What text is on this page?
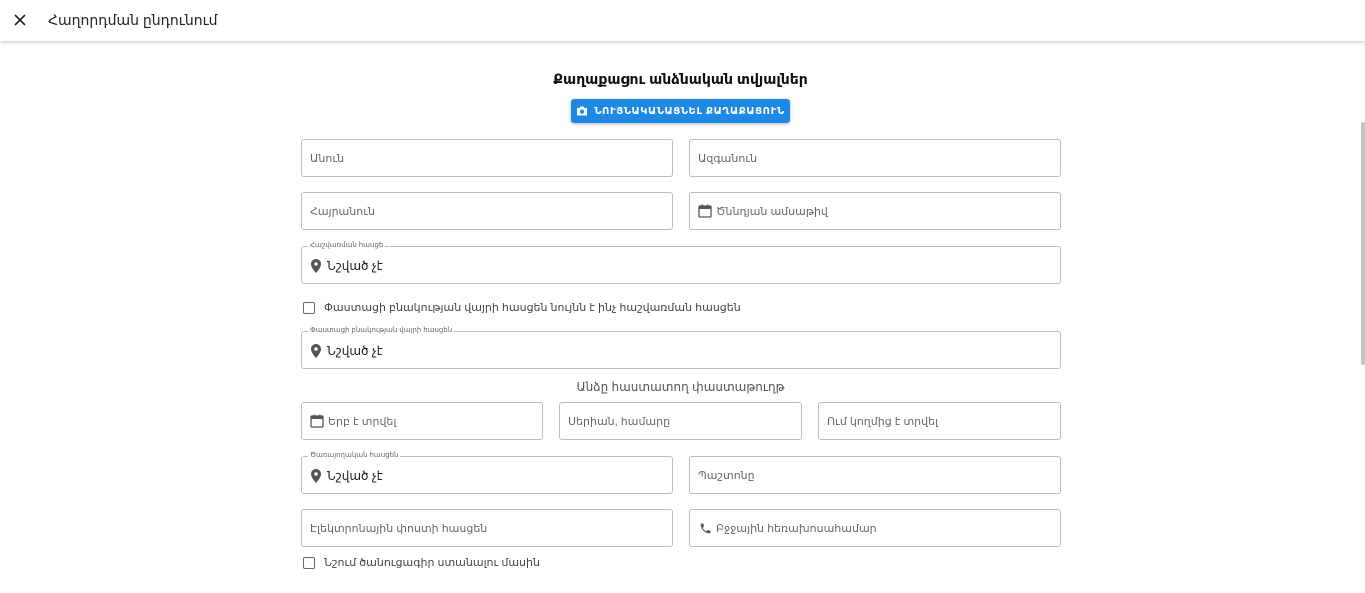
Հաղորդման ընդունում
Քաղաքացու անձնական տվյալներ
ՆՈՒՅՆԱԿԱՆԱՑՆԵԼ ՔԱՂԱՔԱՑՈՒՆ
Անուն	Ազգանուն
Հայրանուն	Ծննդյան ամսաթիվ
Հաշվառման հասցե
Նշված չէ
Փաստացի բնակության վայրի հասցեն նույնն է ինչ հաշվառման հասցեն
Փաստացի բնակության վայրի հասցեն
Նշված չէ
Անձը հաստատող փաստաթուղթ
Երբ է տրվել	Սերիան, համարը	Ում կողմից է տրվել
Ծառայողական հասցեն
Նշված չէ	Պաշտոնը
Էլեկտրոնային փոստի հասցեն	Բջջային հեռախոսահամար
Նշում ծանուցագիր ստանալու մասին
